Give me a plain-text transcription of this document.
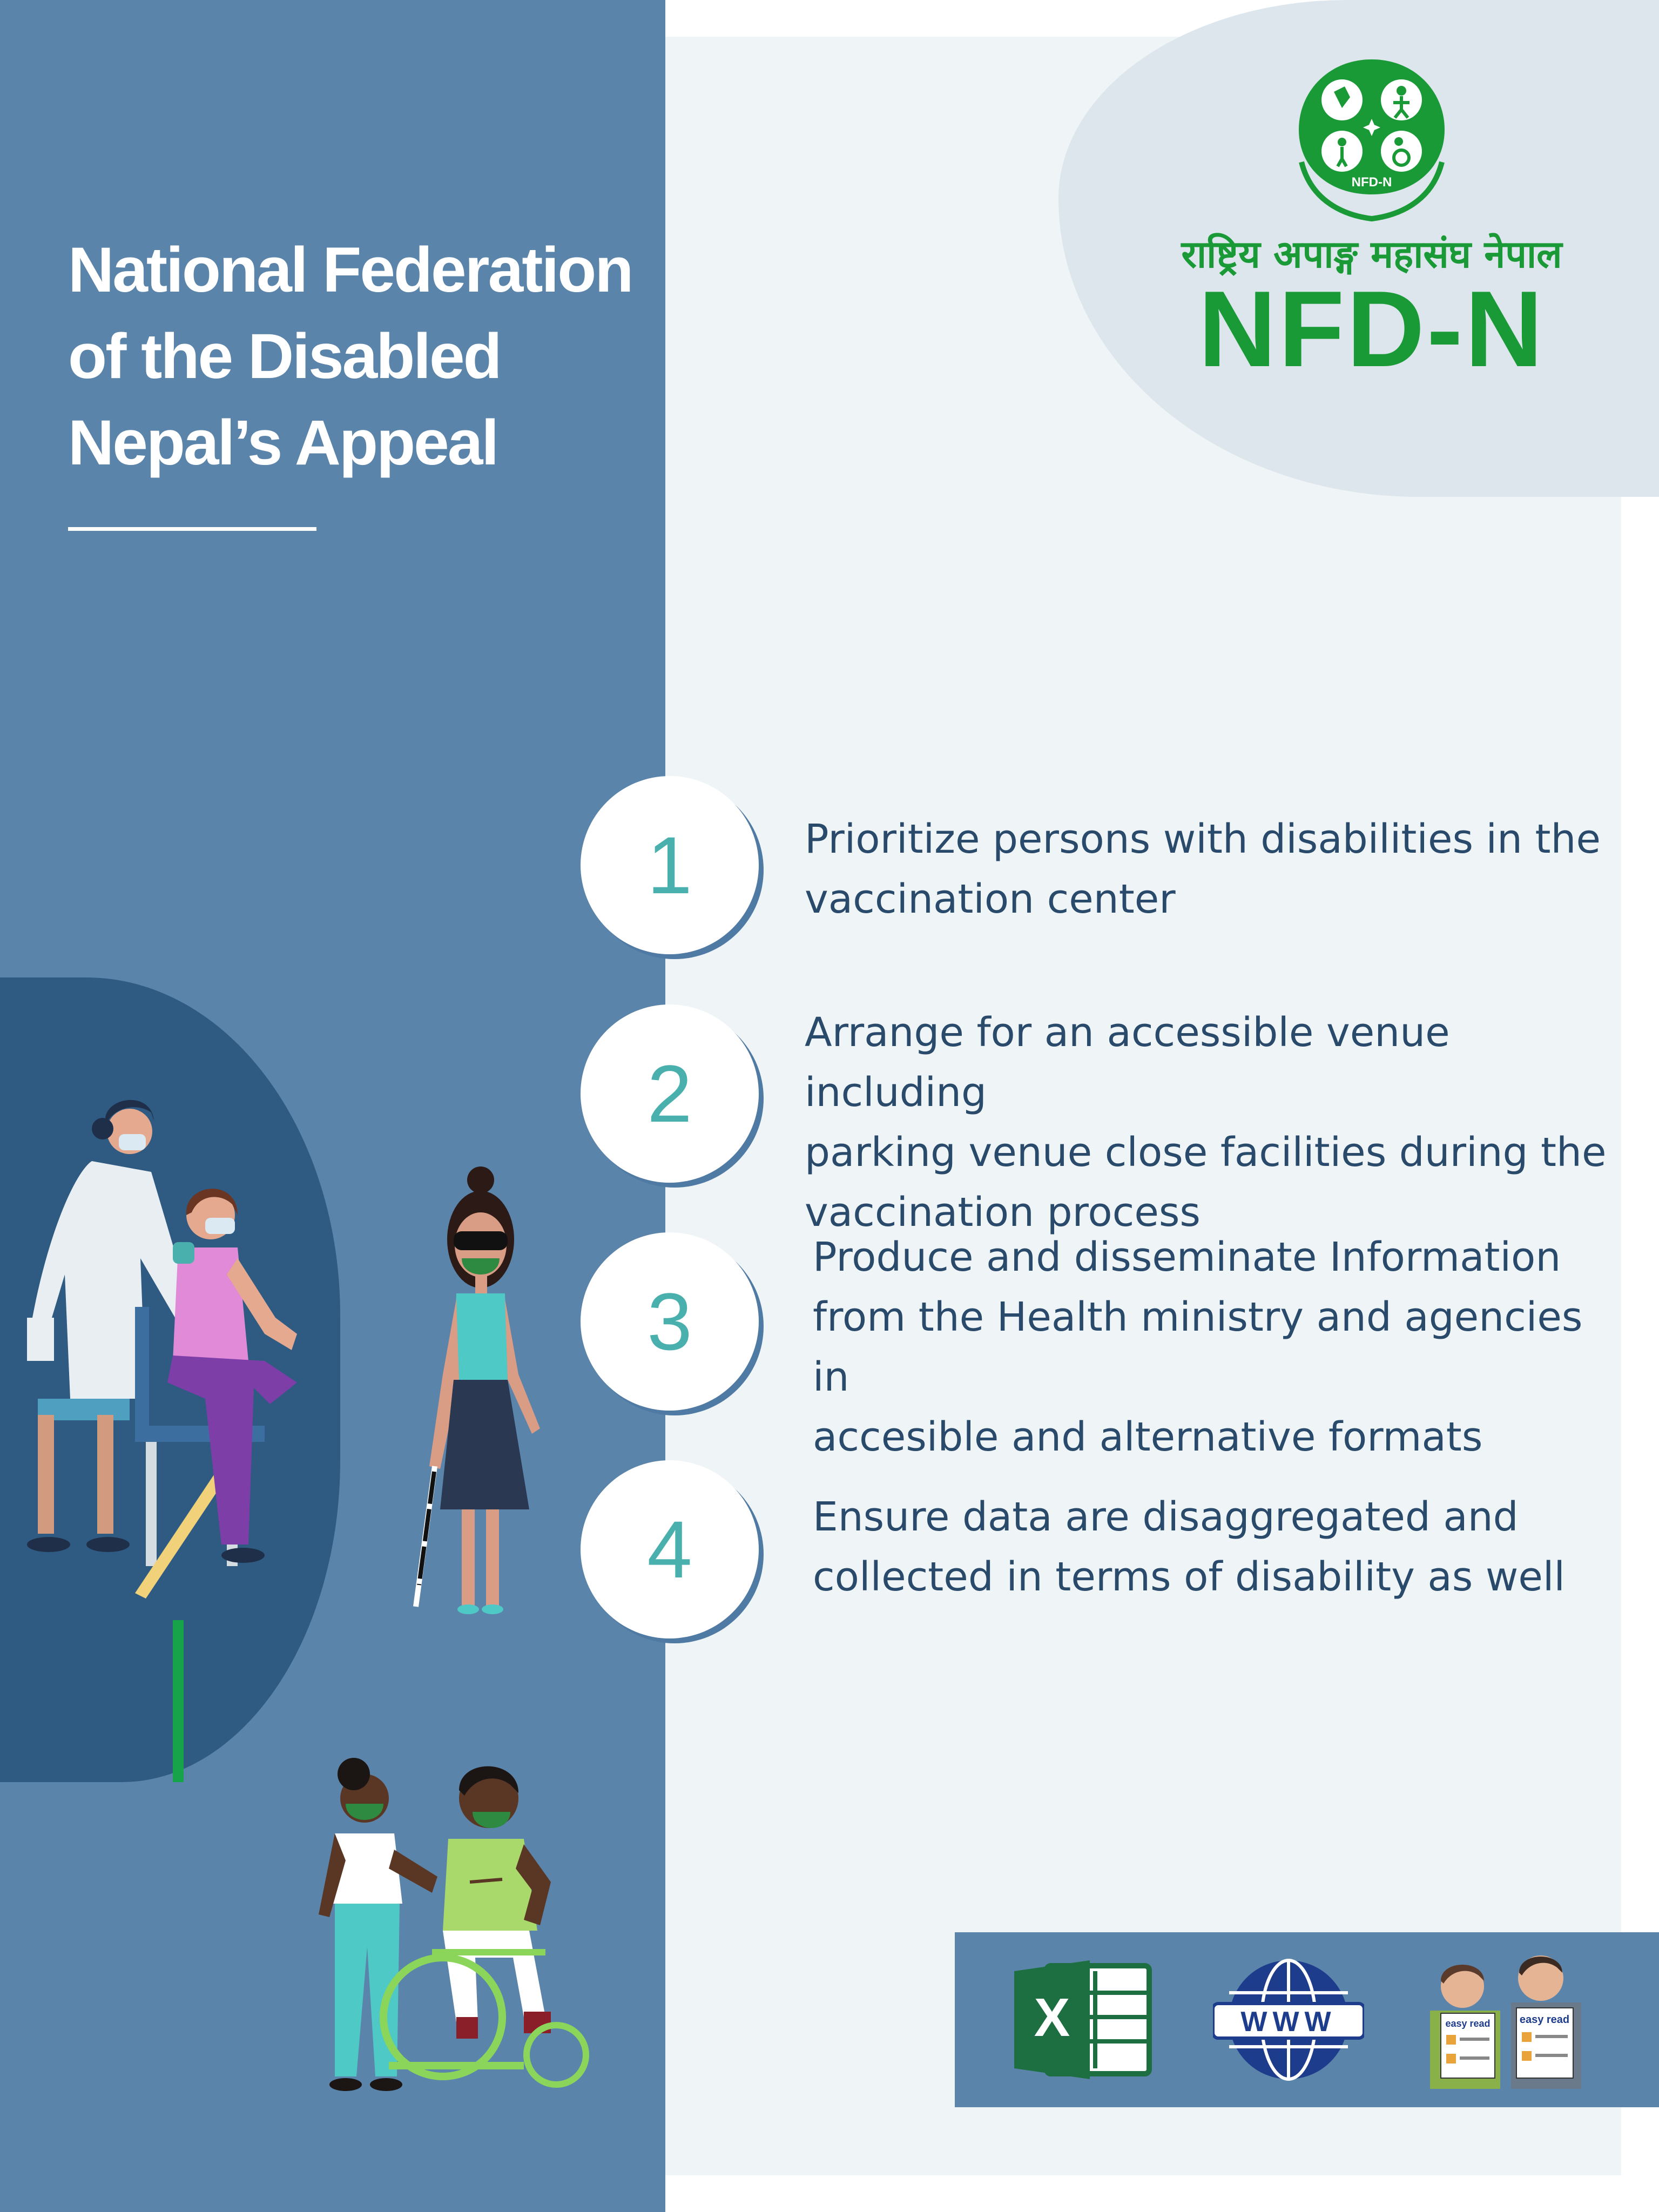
National Federation
of the Disabled
Nepal’s Appeal
NFD-N
राष्ट्रिय अपाङ्ग महासंघ नेपाल
NFD-N
1	Prioritize persons with disabilities in the
vaccination center
2
Arrange for an accessible venue including
parking venue close facilities during the
vaccination process
3
Produce and disseminate Information
from the Health ministry and agencies in
accesible and alternative formats
4	Ensure data are disaggregated and
collected in terms of disability as well
X	WWW	easy read	easy read
